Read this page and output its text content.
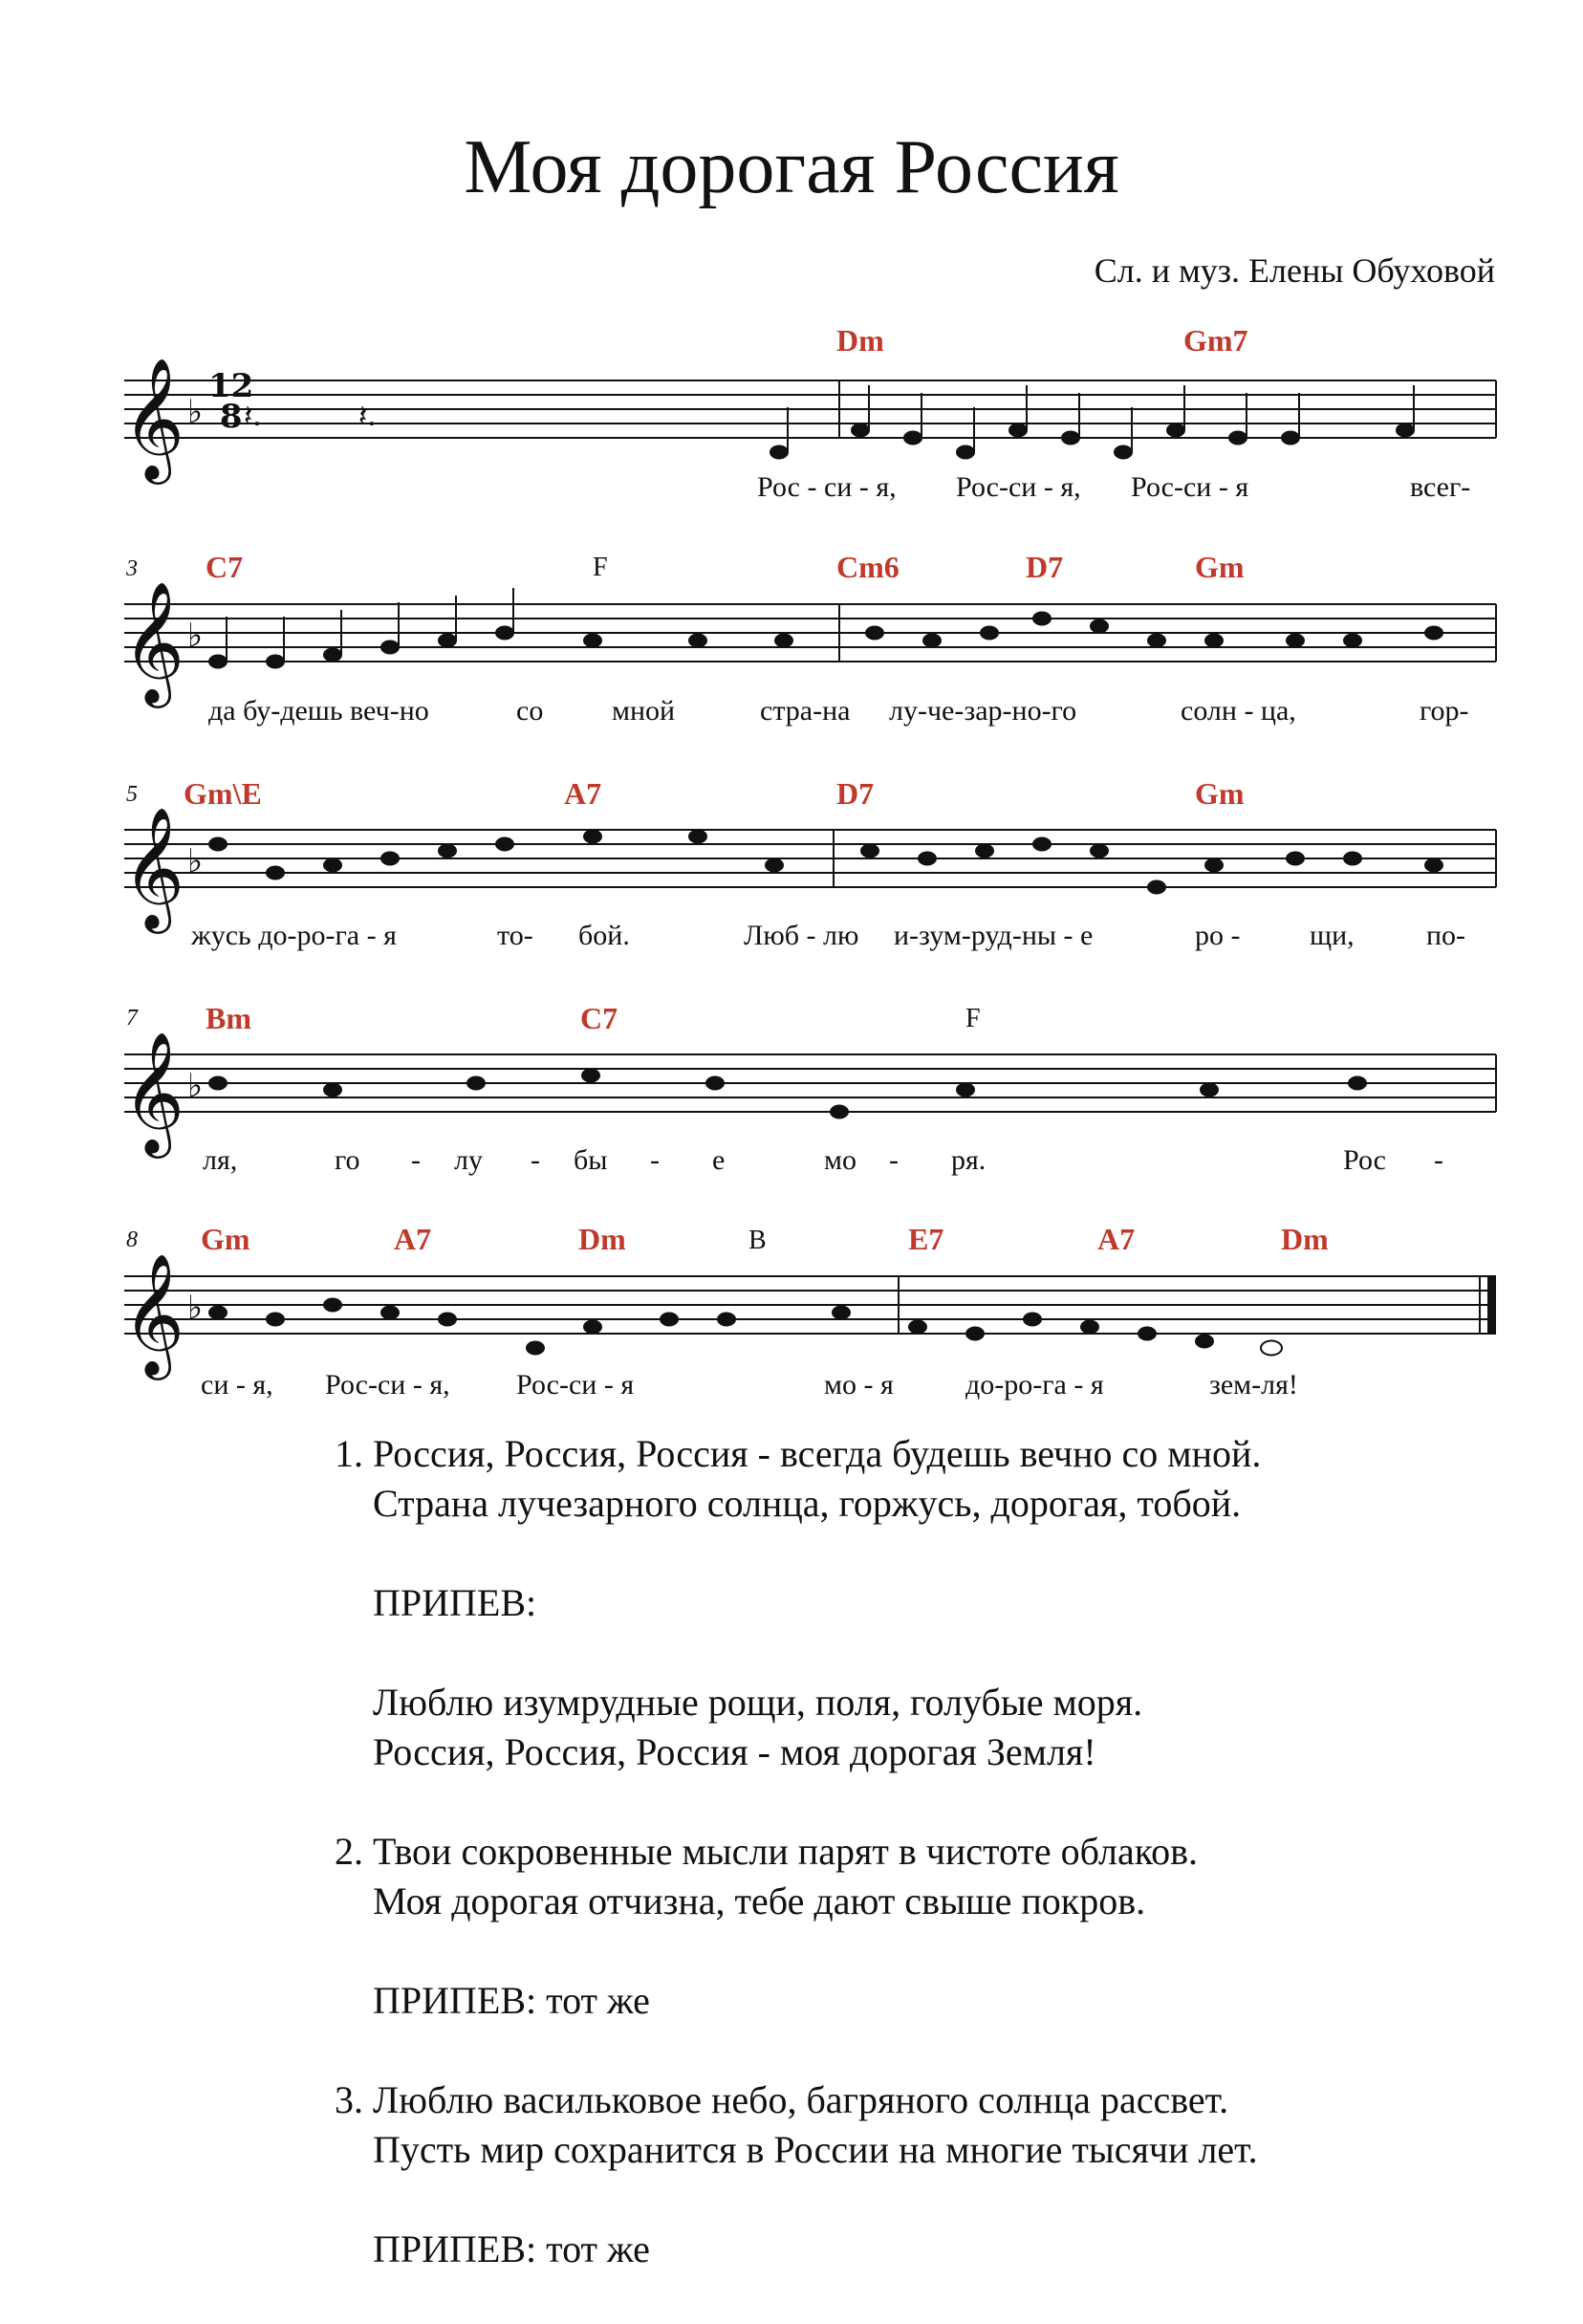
Моя дорогая Россия
Сл. и муз. Елены Обуховой
𝄞
𝄞
𝄞
𝄞
𝄞
♭
♭
♭
♭
♭
𝄽.	𝄽.
12
8
3
5
7
8
Dm	Gm7
C7	F	Cm6	D7	Gm
Gm\E	A7	D7	Gm
Bm	C7	F
Gm	A7	Dm	B	E7	A7	Dm
Рос - си - я, Рос-си - я, Рос-си - я	всег-
да бу-дешь веч-но	со мной	стра-на лу-че-зар-но-го	солн - ца,	гор-
жусь до-ро-га - я	то- бой.	Люб - лю и-зум-руд-ны - е	ро - щи,	по-
ля,	го - лу - бы - е	мо - ря.	Рос -
си - я, Рос-си - я, Рос-си - я	мо - я	до-ро-га - я	зем-ля!
1. Россия, Россия, Россия - всегда будешь вечно со мной.
Страна лучезарного солнца, горжусь, дорогая, тобой.
ПРИПЕВ:
Люблю изумрудные рощи, поля, голубые моря.
Россия, Россия, Россия - моя дорогая Земля!
2. Твои сокровенные мысли парят в чистоте облаков.
Моя дорогая отчизна, тебе дают свыше покров.
ПРИПЕВ: тот же
3. Люблю васильковое небо, багряного солнца рассвет.
Пусть мир сохранится в России на многие тысячи лет.
ПРИПЕВ: тот же
